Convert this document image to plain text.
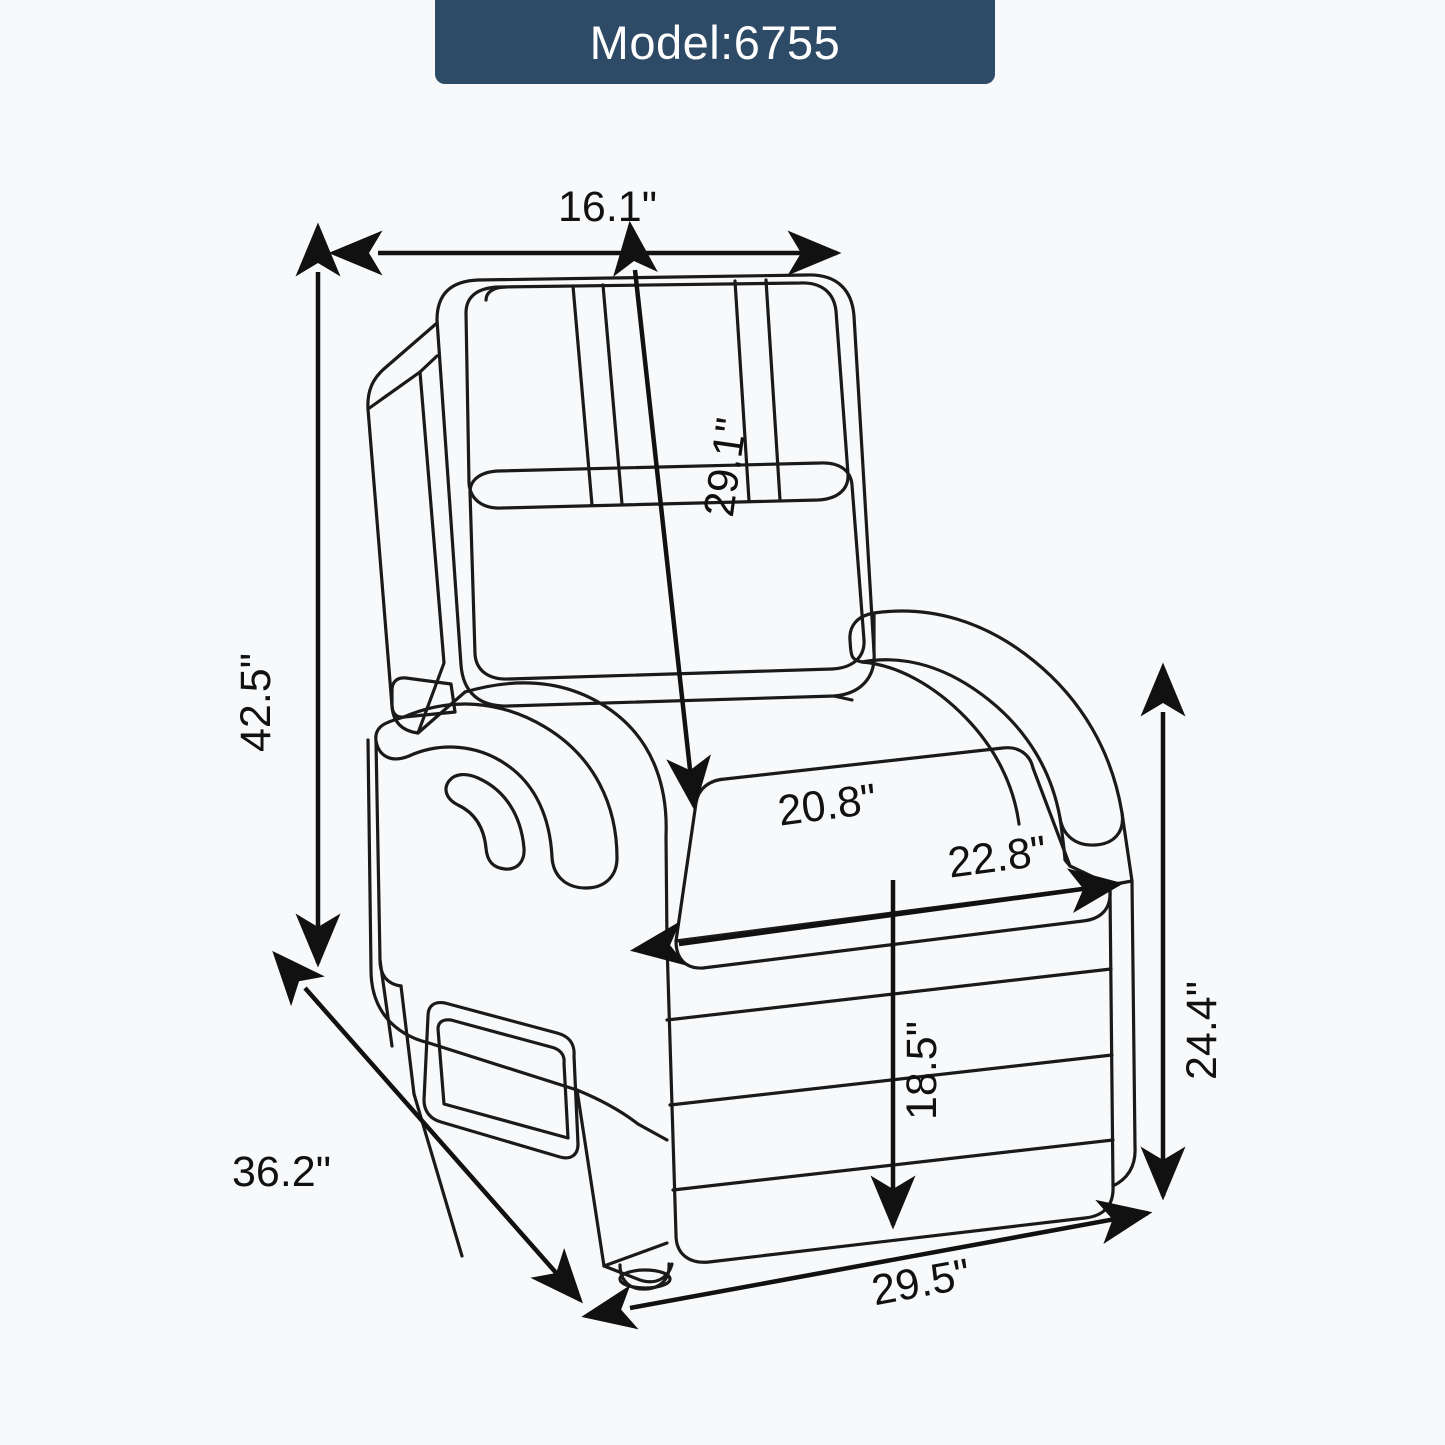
Model:6755
16.1"
42.5"
29.1"
20.8"
22.8"
18.5"	24.4"
36.2"
29.5"
